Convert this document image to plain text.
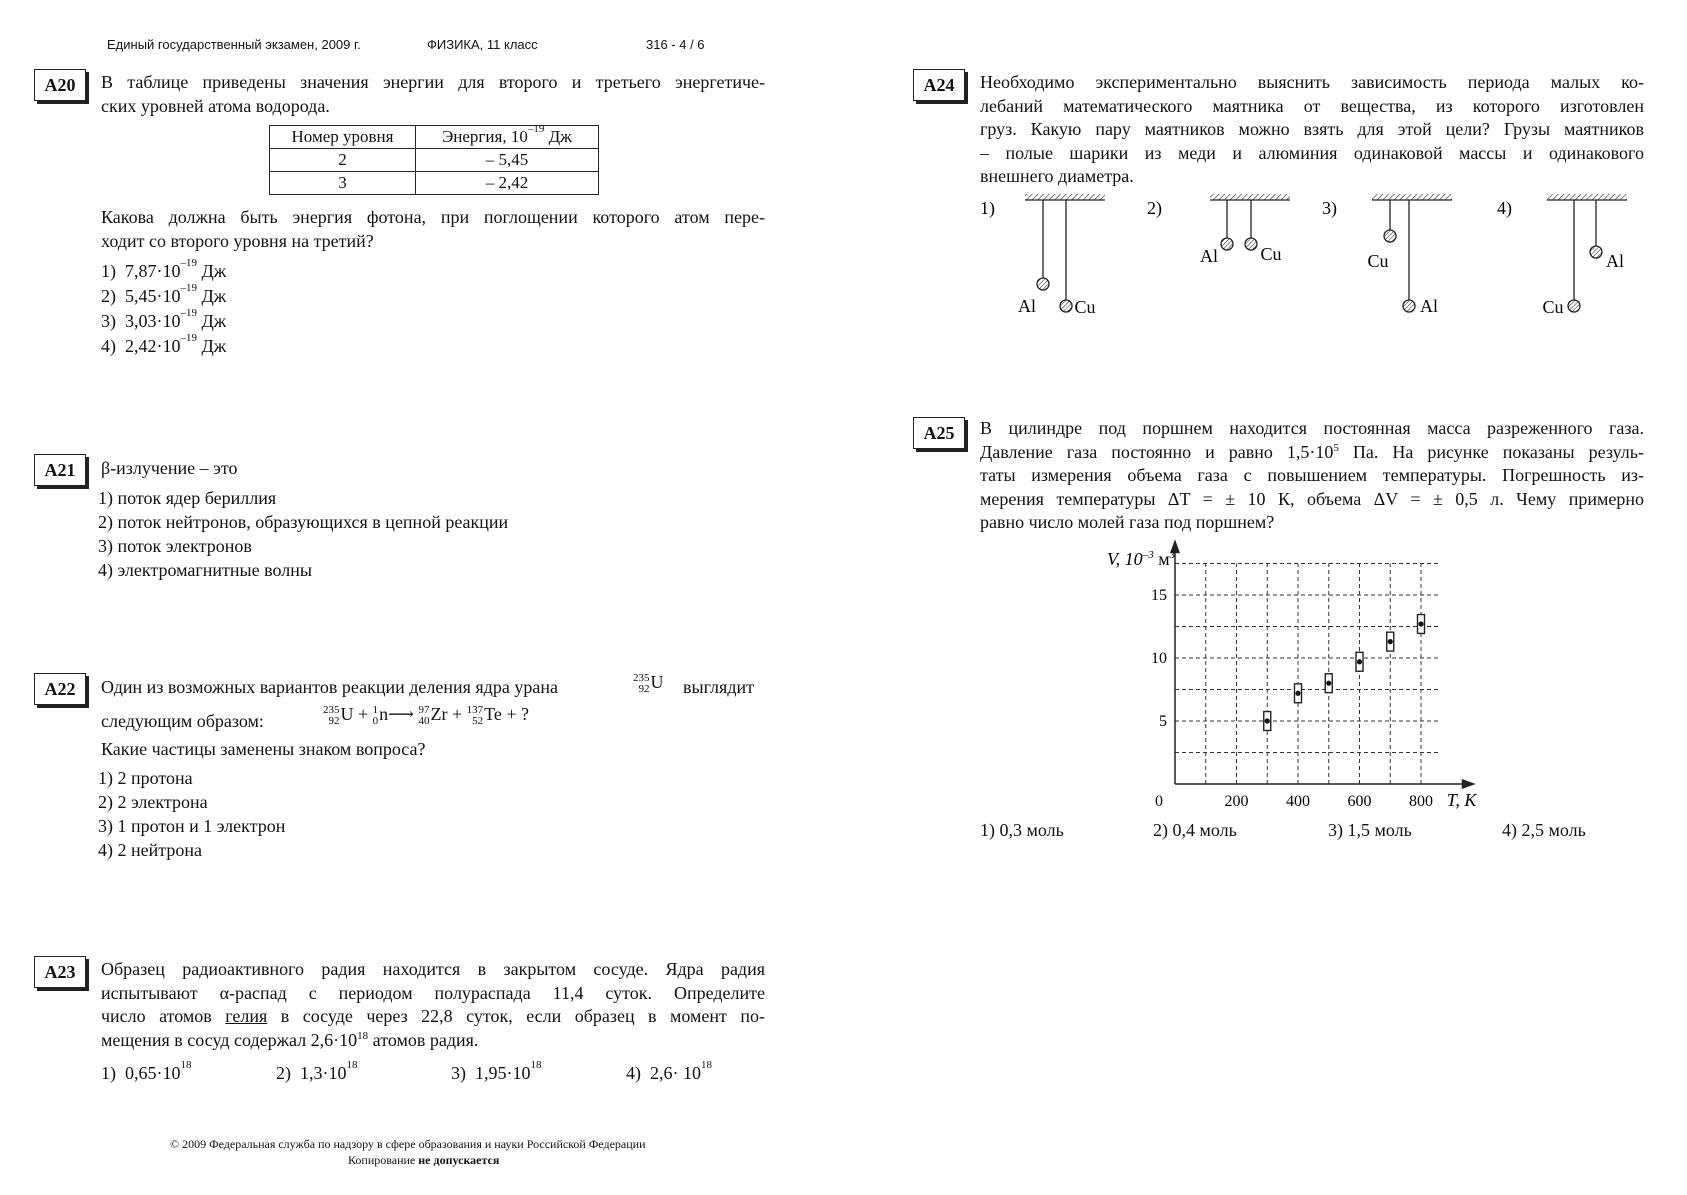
Единый государственный экзамен, 2009 г.	ФИЗИКА, 11 класс	316 - 4 / 6
A20	В таблице приведены значения энергии для второго и третьего энергетиче-
ских уровней атома водорода.
Номер уровня	Энергия, $10^{-19}$ Дж
2	– 5,45
3	– 2,42
Какова должна быть энергия фотона, при поглощении которого атом пере-
ходит со второго уровня на третий?
1) $7,87\cdot 10^{-19}$ Дж
2) $5,45\cdot 10^{-19}$ Дж
3) $3,03\cdot 10^{-19}$ Дж
4) $2,42\cdot 10^{-19}$ Дж
A21	β-излучение – это
1) поток ядер бериллия
2) поток нейтронов, образующихся в цепной реакции
3) поток электронов
4) электромагнитные волны
A22	Один из возможных вариантов реакции деления ядра урана	235
92 U выглядит
следующим образом:
235
92 U + 1
0 n⟶ 97
40 Zr + 137
52 Te + ?
Какие частицы заменены знаком вопроса?
1) 2 протона
2) 2 электрона
3) 1 протон и 1 электрон
4) 2 нейтрона
A23	Образец радиоактивного радия находится в закрытом сосуде. Ядра радия
испытывают α-распад с периодом полураспада 11,4 суток. Определите
число атомов гелия в сосуде через 22,8 суток, если образец в момент по-
мещения в сосуд содержал $2,6\cdot 10^{18}$ атомов радия.
1) $0,65\cdot 10^{18}$	2) $1,3\cdot 10^{18}$	3) $1,95\cdot 10^{18}$	4) $2,6\cdot 10^{18}$
© 2009 Федеральная служба по надзору в сфере образования и науки Российской Федерации
Копирование не допускается
A24	Необходимо экспериментально выяснить зависимость периода малых ко-
лебаний математического маятника от вещества, из которого изготовлен
груз. Какую пару маятников можно взять для этой цели? Грузы маятников
– полые шарики из меди и алюминия одинаковой массы и одинакового
внешнего диаметра.
1)
Al Cu
2)
Al Cu
3)
Cu
Al
4)
Cu
Al
A25	В цилиндре под поршнем находится постоянная масса разреженного газа.
Давление газа постоянно и равно $1,5\cdot 10^5$ Па. На рисунке показаны резуль-
таты измерения объема газа с повышением температуры. Погрешность из-
мерения температуры ΔT = ± 10 К, объема ΔV = ± 0,5 л. Чему примерно
равно число молей газа под поршнем?
200 400 600 800
5
10
15
V, $10^{-3}$ $м^3$
T, К
0
1) 0,3 моль	2) 0,4 моль	3) 1,5 моль	4) 2,5 моль
